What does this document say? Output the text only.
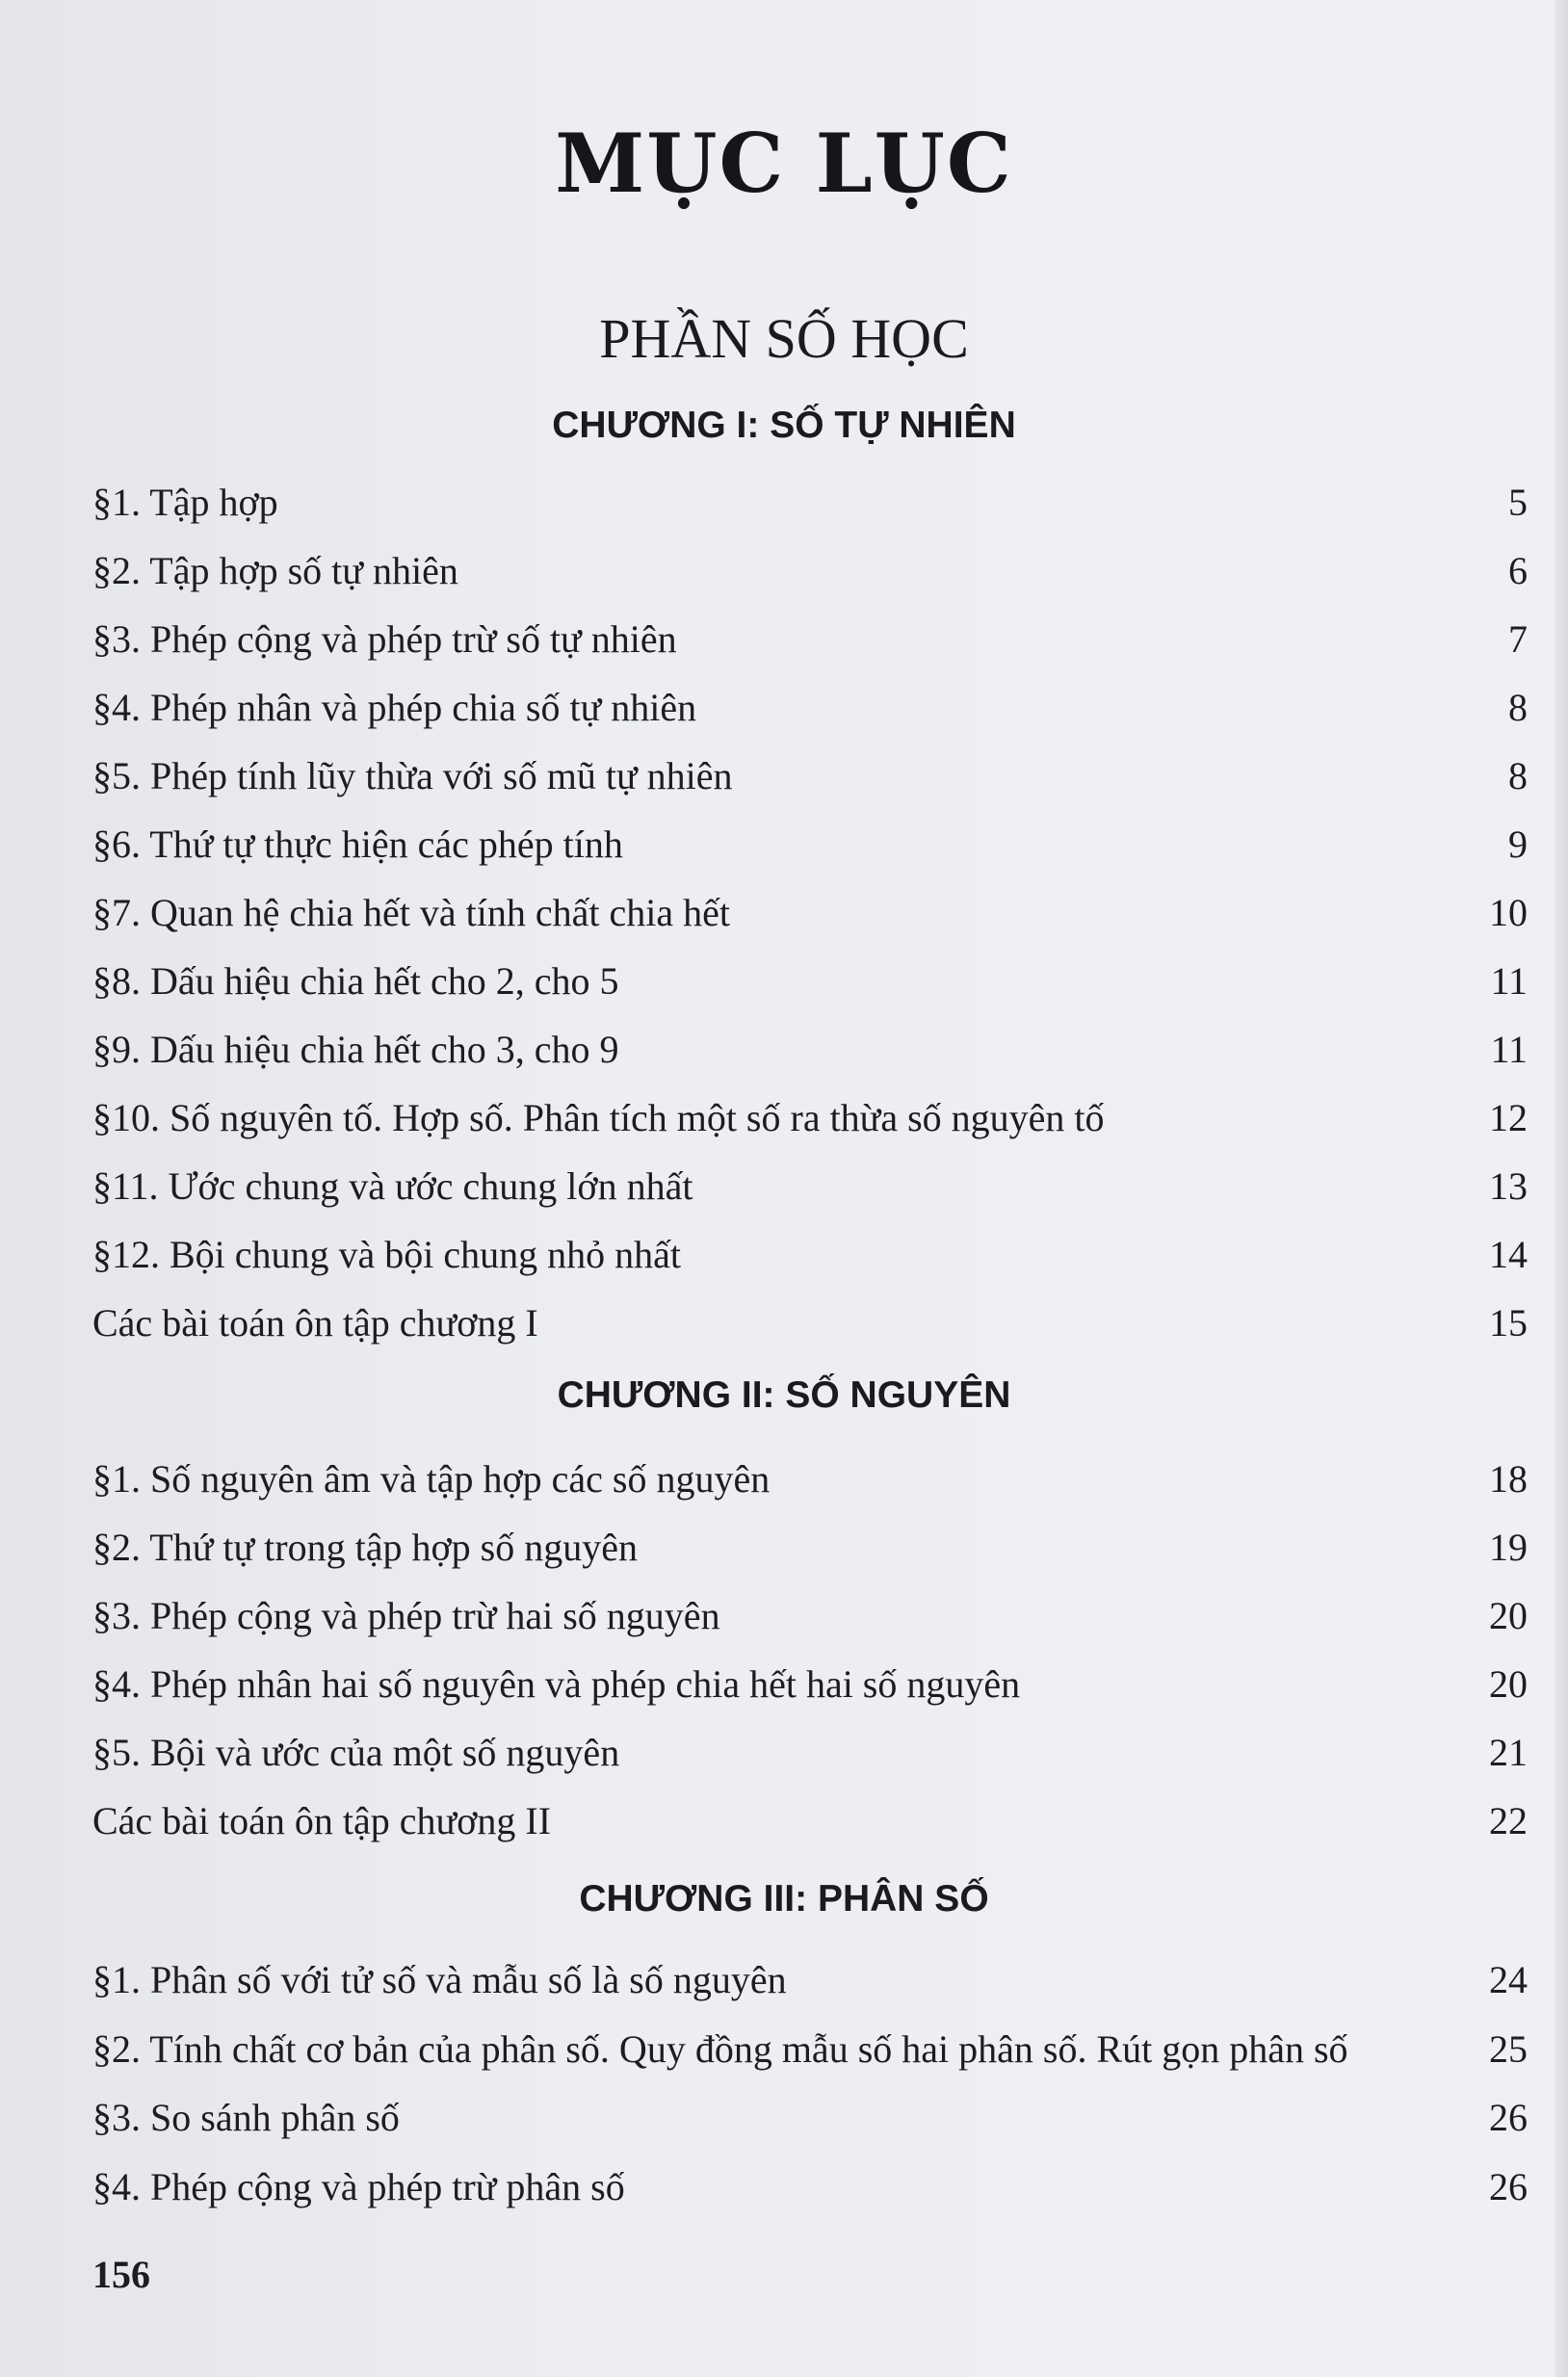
MỤC LỤC
PHẦN SỐ HỌC
CHƯƠNG I: SỐ TỰ NHIÊN
§1. Tập hợp	5
§2. Tập hợp số tự nhiên	6
§3. Phép cộng và phép trừ số tự nhiên	7
§4. Phép nhân và phép chia số tự nhiên	8
§5. Phép tính lũy thừa với số mũ tự nhiên	8
§6. Thứ tự thực hiện các phép tính	9
§7. Quan hệ chia hết và tính chất chia hết	10
§8. Dấu hiệu chia hết cho 2, cho 5	11
§9. Dấu hiệu chia hết cho 3, cho 9	11
§10. Số nguyên tố. Hợp số. Phân tích một số ra thừa số nguyên tố	12
§11. Ước chung và ước chung lớn nhất	13
§12. Bội chung và bội chung nhỏ nhất	14
Các bài toán ôn tập chương I	15
CHƯƠNG II: SỐ NGUYÊN
§1. Số nguyên âm và tập hợp các số nguyên	18
§2. Thứ tự trong tập hợp số nguyên	19
§3. Phép cộng và phép trừ hai số nguyên	20
§4. Phép nhân hai số nguyên và phép chia hết hai số nguyên	20
§5. Bội và ước của một số nguyên	21
Các bài toán ôn tập chương II	22
CHƯƠNG III: PHÂN SỐ
§1. Phân số với tử số và mẫu số là số nguyên	24
§2. Tính chất cơ bản của phân số. Quy đồng mẫu số hai phân số. Rút gọn phân số	25
§3. So sánh phân số	26
§4. Phép cộng và phép trừ phân số	26
156
